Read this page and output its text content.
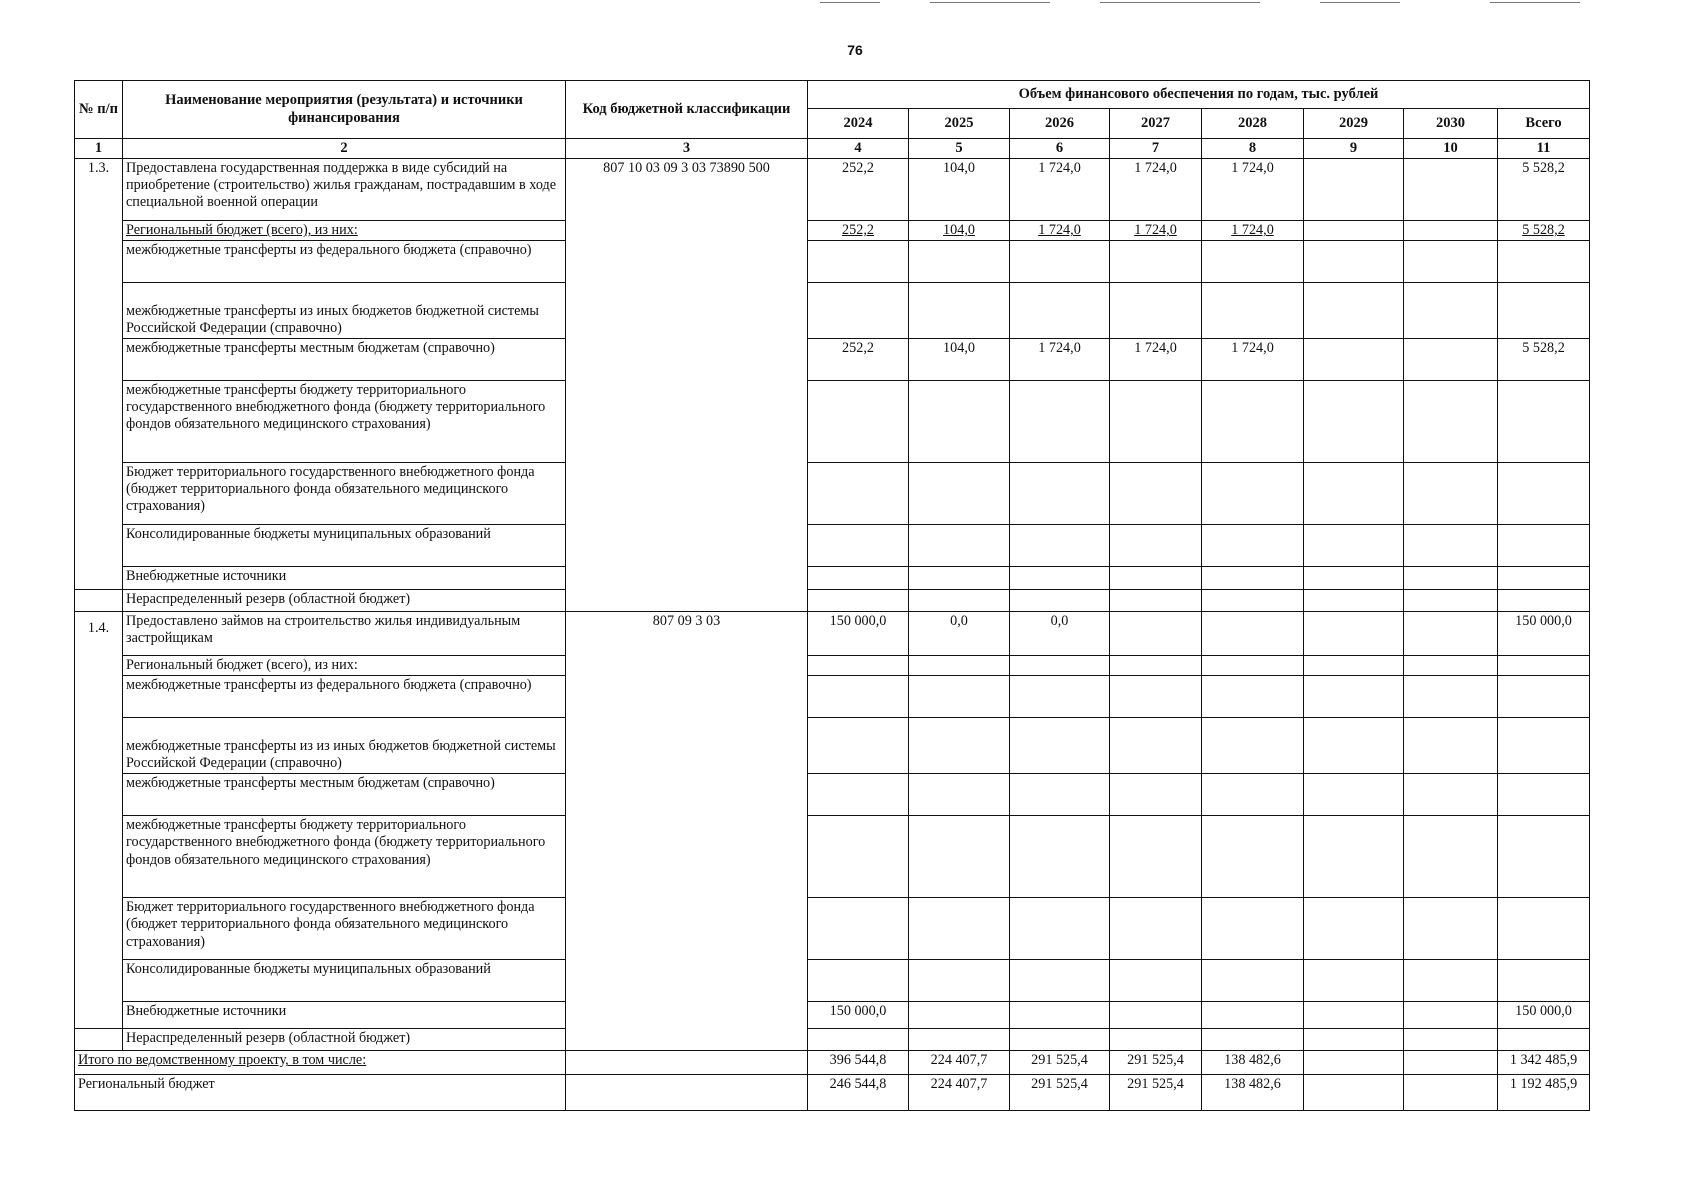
76
№ п/п	Наименование мероприятия (результата) и источники финансирования	Код бюджетной классификации	Объем финансового обеспечения по годам, тыс. рублей							
			2024	2025	2026	2027	2028	2029	2030	Всего
1	2	3	4	5	6	7	8	9	10	11
1.3.	Предоставлена государственная поддержка в виде субсидий на приобретение (строительство) жилья гражданам, пострадавшим в ходе специальной военной операции	807 10 03 09 3 03 73890 500	252,2	104,0	1 724,0	1 724,0	1 724,0			5 528,2
	Региональный бюджет (всего), из них:		252,2	104,0	1 724,0	1 724,0	1 724,0			5 528,2
	межбюджетные трансферты из федерального бюджета (справочно)									
	межбюджетные трансферты из иных бюджетов бюджетной системы Российской Федерации (справочно)									
	межбюджетные трансферты местным бюджетам (справочно)		252,2	104,0	1 724,0	1 724,0	1 724,0			5 528,2
	межбюджетные трансферты бюджету территориального государственного внебюджетного фонда (бюджету территориального фондов обязательного медицинского страхования)									
	Бюджет территориального государственного внебюджетного фонда (бюджет территориального фонда обязательного медицинского страхования)									
	Консолидированные бюджеты муниципальных образований									
	Внебюджетные источники									
	Нераспределенный резерв (областной бюджет)									
1.4.	Предоставлено займов на строительство жилья индивидуальным застройщикам	807 09 3 03	150 000,0	0,0	0,0					150 000,0
	Региональный бюджет (всего), из них:									
	межбюджетные трансферты из федерального бюджета (справочно)									
	межбюджетные трансферты из из иных бюджетов бюджетной системы Российской Федерации (справочно)									
	межбюджетные трансферты местным бюджетам (справочно)									
	межбюджетные трансферты бюджету территориального государственного внебюджетного фонда (бюджету территориального фондов обязательного медицинского страхования)									
	Бюджет территориального государственного внебюджетного фонда (бюджет территориального фонда обязательного медицинского страхования)									
	Консолидированные бюджеты муниципальных образований									
	Внебюджетные источники		150 000,0							150 000,0
	Нераспределенный резерв (областной бюджет)									
Итого по ведомственному проекту, в том числе:			396 544,8	224 407,7	291 525,4	291 525,4	138 482,6			1 342 485,9
Региональный бюджет			246 544,8	224 407,7	291 525,4	291 525,4	138 482,6			1 192 485,9
